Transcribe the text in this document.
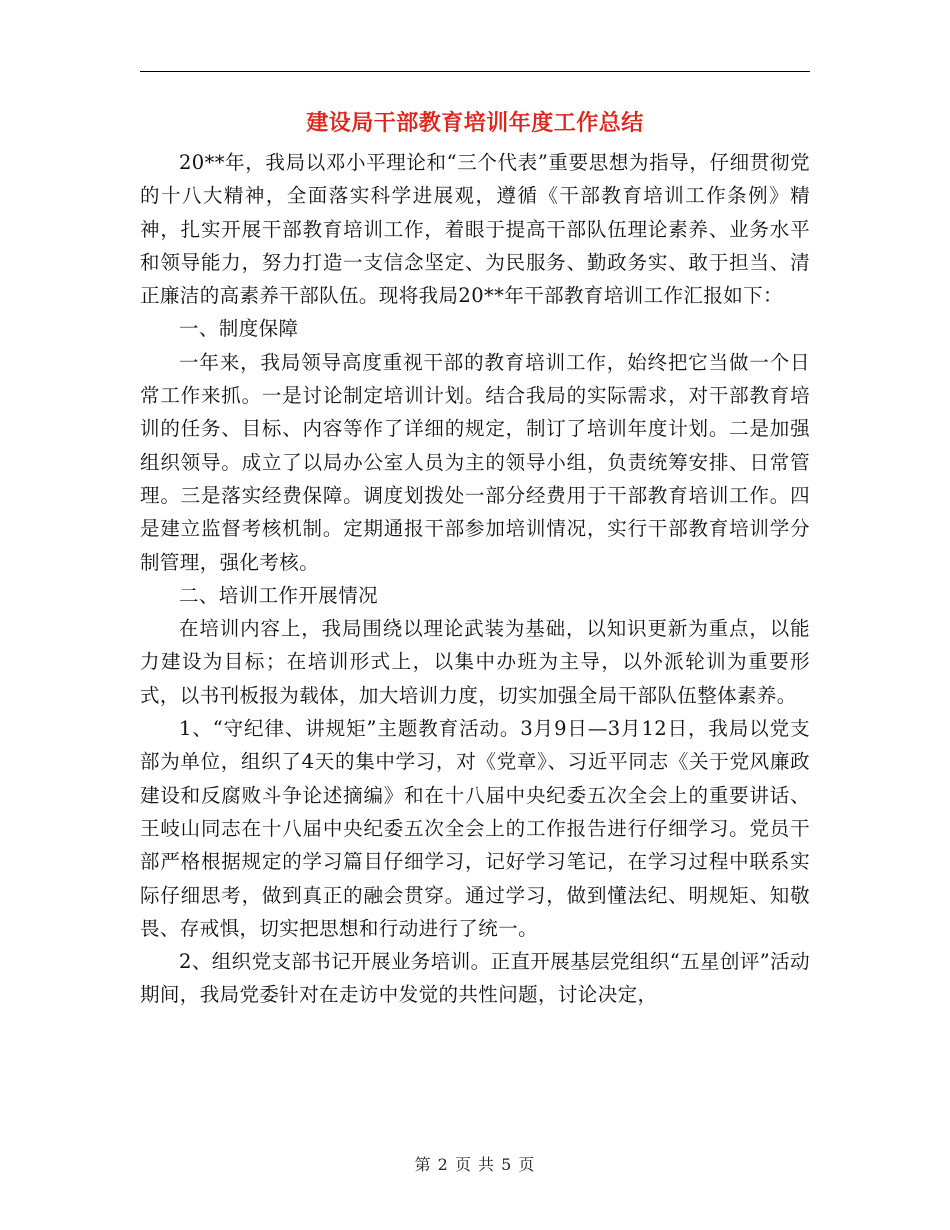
建设局干部教育培训年度工作总结

20**年，我局以邓小平理论和“三个代表”重要思想为指导，仔细贯彻党的十八大精神，全面落实科学进展观，遵循《干部教育培训工作条例》精神，扎实开展干部教育培训工作，着眼于提高干部队伍理论素养、业务水平和领导能力，努力打造一支信念坚定、为民服务、勤政务实、敢于担当、清正廉洁的高素养干部队伍。现将我局20**年干部教育培训工作汇报如下：

一、制度保障

一年来，我局领导高度重视干部的教育培训工作，始终把它当做一个日常工作来抓。一是讨论制定培训计划。结合我局的实际需求，对干部教育培训的任务、目标、内容等作了详细的规定，制订了培训年度计划。二是加强组织领导。成立了以局办公室人员为主的领导小组，负责统筹安排、日常管理。三是落实经费保障。调度划拨处一部分经费用于干部教育培训工作。四是建立监督考核机制。定期通报干部参加培训情况，实行干部教育培训学分制管理，强化考核。

二、培训工作开展情况

在培训内容上，我局围绕以理论武装为基础，以知识更新为重点，以能力建设为目标；在培训形式上，以集中办班为主导，以外派轮训为重要形式，以书刊板报为载体，加大培训力度，切实加强全局干部队伍整体素养。

1、“守纪律、讲规矩”主题教育活动。3月9日—3月12日，我局以党支部为单位，组织了4天的集中学习，对《党章》、习近平同志《关于党风廉政建设和反腐败斗争论述摘编》和在十八届中央纪委五次全会上的重要讲话、王岐山同志在十八届中央纪委五次全会上的工作报告进行仔细学习。党员干部严格根据规定的学习篇目仔细学习，记好学习笔记，在学习过程中联系实际仔细思考，做到真正的融会贯穿。通过学习，做到懂法纪、明规矩、知敬畏、存戒惧，切实把思想和行动进行了统一。

2、组织党支部书记开展业务培训。正直开展基层党组织“五星创评”活动期间，我局党委针对在走访中发觉的共性问题，讨论决定，

第 2 页 共 5 页
